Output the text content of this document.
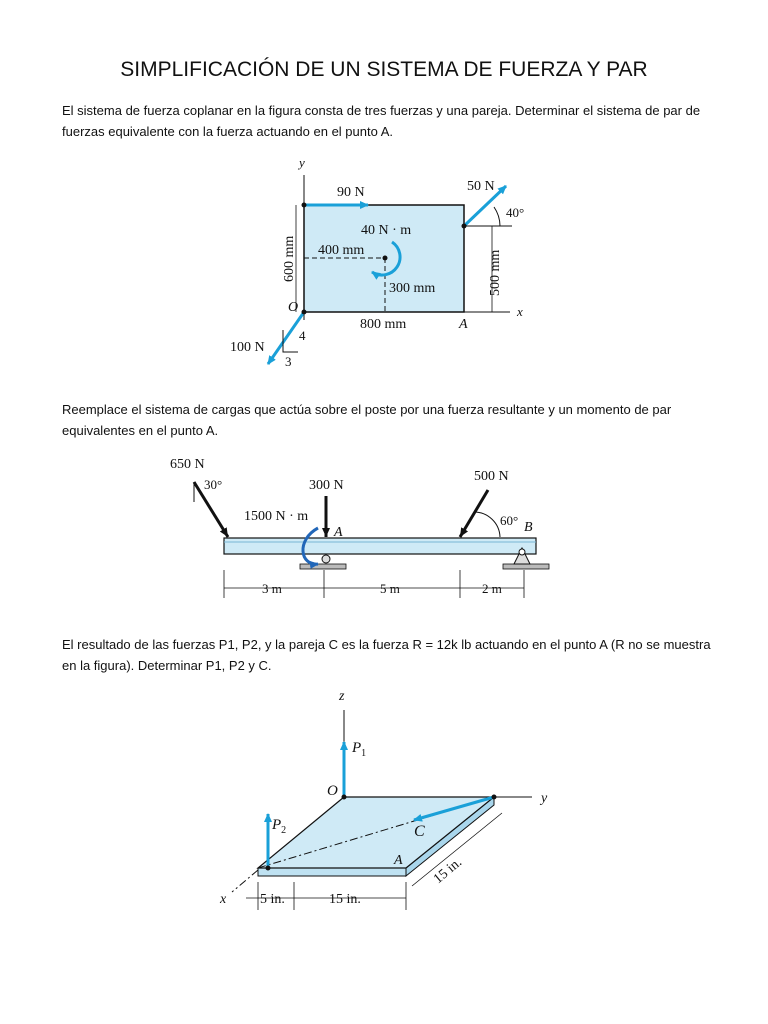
SIMPLIFICACIÓN DE UN SISTEMA DE FUERZA Y PAR
El sistema de fuerza coplanar en la figura consta de tres fuerzas y una pareja. Determinar el sistema de par de fuerzas equivalente con la fuerza actuando en el punto A.
y
90 N	50 N
40°
40 N · m
400 mm
600 mm
300 mm	500 mm
O
800 mm	A
x
4
100 N
3
Reemplace el sistema de cargas que actúa sobre el poste por una fuerza resultante y un momento de par equivalentes en el punto A.
650 N
30°	300 N
500 N
60°
1500 N · m
A	B
3 m	5 m	2 m
El resultado de las fuerzas P1, P2, y la pareja C es la fuerza R = 12k lb actuando en el punto A (R no se muestra en la figura). Determinar P1, P2 y C.
z
$P_1$
O	y
$P_2$	C
A 15 in.
x 5 in.	15 in.
